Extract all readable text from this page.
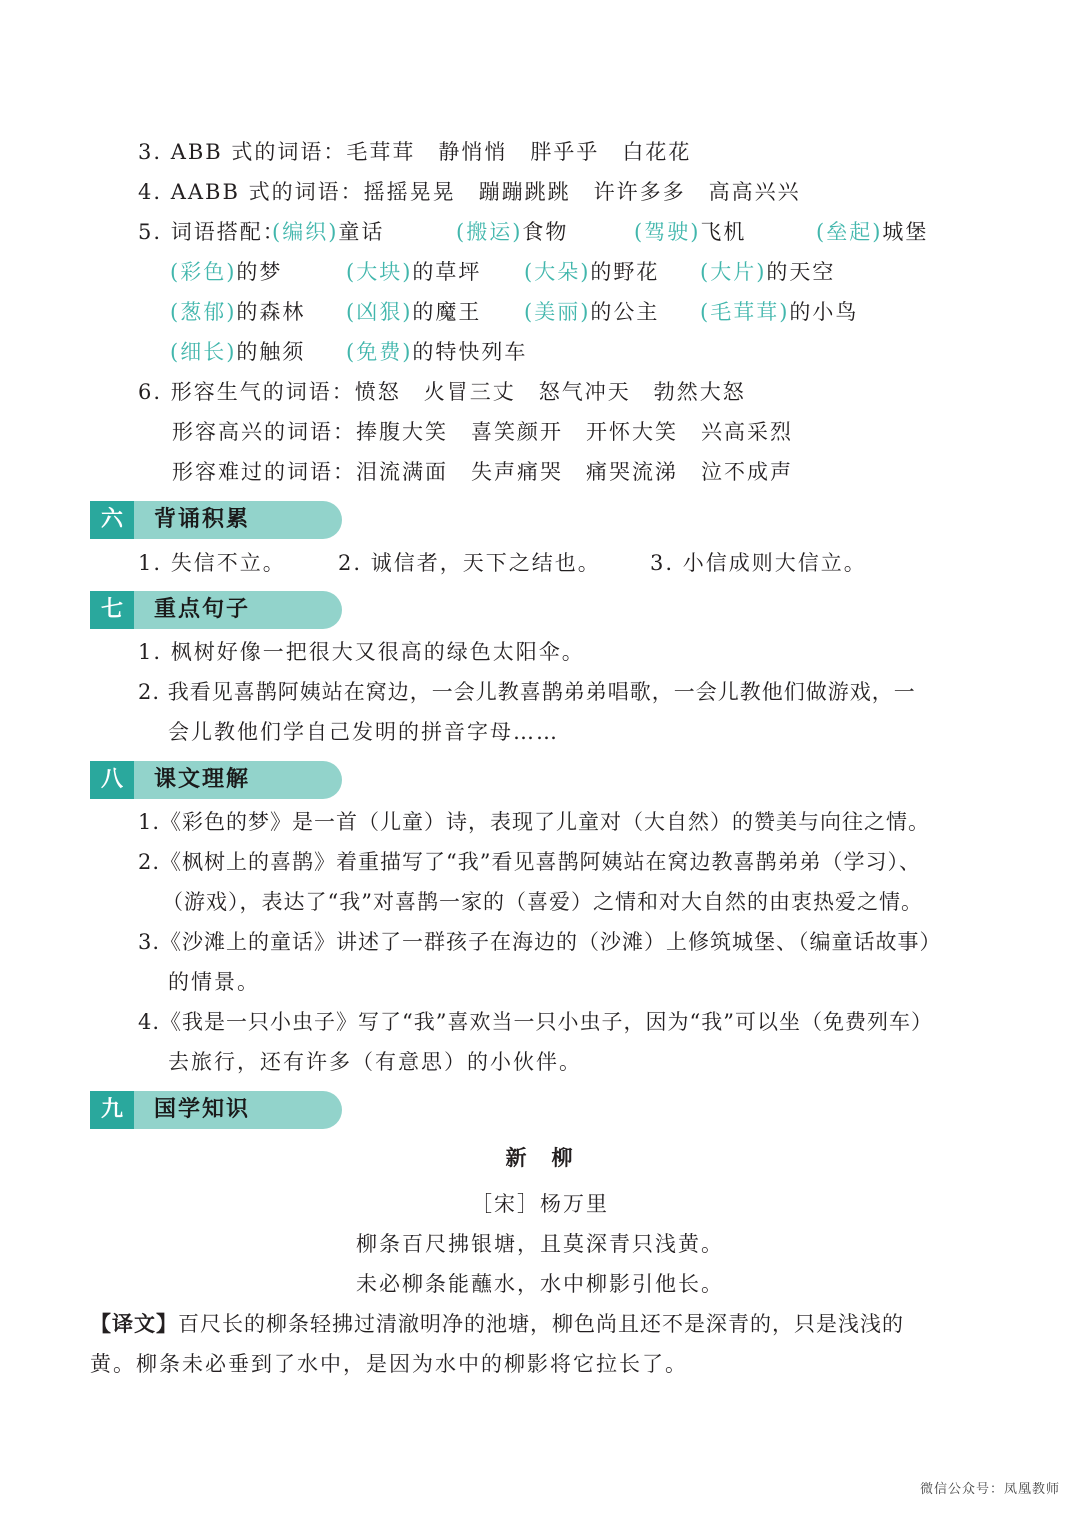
3. ABB 式的词语：毛茸茸　静悄悄　胖乎乎　白花花
4. AABB 式的词语：摇摇晃晃　蹦蹦跳跳　许许多多　高高兴兴
5. 词语搭配：
(编织)童话	(搬运)食物	(驾驶)飞机	(垒起)城堡
(彩色)的梦	(大块)的草坪 (大朵)的野花 (大片)的天空
(葱郁)的森林 (凶狠)的魔王 (美丽)的公主 (毛茸茸)的小鸟
(细长)的触须 (免费)的特快列车
6. 形容生气的词语：愤怒　火冒三丈　怒气冲天　勃然大怒
形容高兴的词语：捧腹大笑　喜笑颜开　开怀大笑　兴高采烈
形容难过的词语：泪流满面　失声痛哭　痛哭流涕　泣不成声
六	背诵积累
1. 失信不立。 2. 诚信者，天下之结也。 3. 小信成则大信立。
七	重点句子
1. 枫树好像一把很大又很高的绿色太阳伞。
2. 我看见喜鹊阿姨站在窝边，一会儿教喜鹊弟弟唱歌，一会儿教他们做游戏，一
会儿教他们学自己发明的拼音字母……
八	课文理解
1.《彩色的梦》是一首（儿童）诗，表现了儿童对（大自然）的赞美与向往之情。
2.《枫树上的喜鹊》着重描写了“我”看见喜鹊阿姨站在窝边教喜鹊弟弟（学习）、
（游戏），表达了“我”对喜鹊一家的（喜爱）之情和对大自然的由衷热爱之情。
3.《沙滩上的童话》讲述了一群孩子在海边的（沙滩）上修筑城堡、（编童话故事）
的情景。
4.《我是一只小虫子》写了“我”喜欢当一只小虫子，因为“我”可以坐（免费列车）
去旅行，还有许多（有意思）的小伙伴。
九	国学知识
新　柳
［宋］杨万里
柳条百尺拂银塘，且莫深青只浅黄。
未必柳条能蘸水，水中柳影引他长。
【译文】百尺长的柳条轻拂过清澈明净的池塘，柳色尚且还不是深青的，只是浅浅的
黄。柳条未必垂到了水中，是因为水中的柳影将它拉长了。
微信公众号：凤凰教师
